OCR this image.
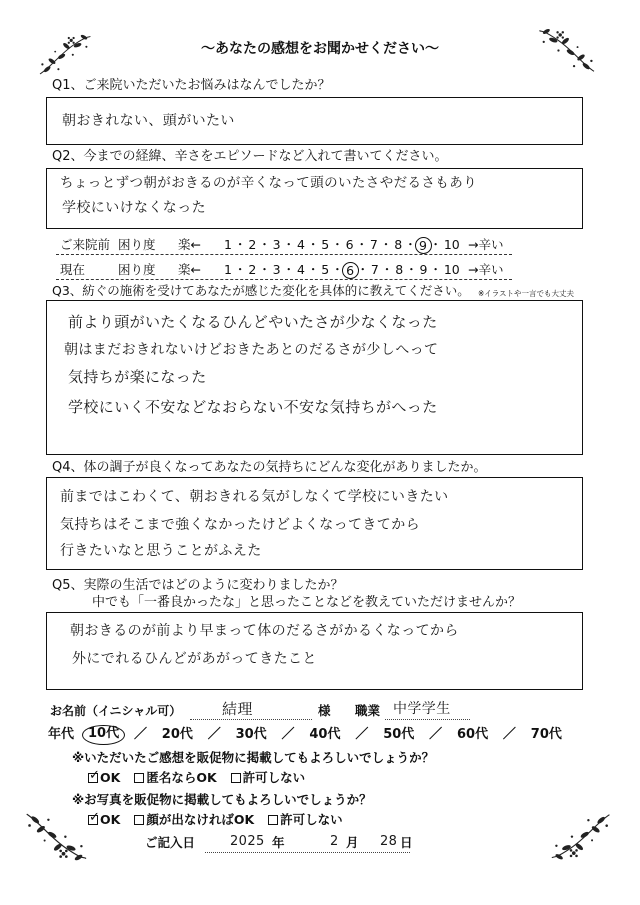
～あなたの感想をお聞かせください～
Q1、ご来院いただいたお悩みはなんでしたか？
朝おきれない、頭がいたい
Q2、今までの経緯、辛さをエピソードなど入れて書いてください。
ちょっとずつ朝がおきるのが辛くなって頭のいたさやだるさもあり
学校にいけなくなった
ご来院前 困り度	楽←	1 ・ 2 ・ 3 ・ 4 ・ 5 ・ 6 ・ 7 ・ 8 ・ 9 ・ 10 →辛い
現在	困り度	楽←	1 ・ 2 ・ 3 ・ 4 ・ 5 ・ 6 ・ 7 ・ 8 ・ 9 ・ 10 →辛い
Q3、紡ぐの施術を受けてあなたが感じた変化を具体的に教えてください。 ※イラストや一言でも大丈夫
前より頭がいたくなるひんどやいたさが少なくなった
朝はまだおきれないけどおきたあとのだるさが少しへって
気持ちが楽になった
学校にいく不安などなおらない不安な気持ちがへった
Q4、体の調子が良くなってあなたの気持ちにどんな変化がありましたか。
前まではこわくて、朝おきれる気がしなくて学校にいきたい
気持ちはそこまで強くなかったけどよくなってきてから
行きたいなと思うことがふえた
Q5、実際の生活ではどのように変わりましたか？
中でも「一番良かったな」と思ったことなどを教えていただけませんか？
朝おきるのが前より早まって体のだるさがかるくなってから
外にでれるひんどがあがってきたこと
お名前（イニシャル可）	結理	様 職業 中学学生
年代	10代	／ 20代 ／ 30代 ／ 40代 ／ 50代 ／ 60代 ／ 70代
※いただいたご感想を販促物に掲載してもよろしいでしょうか？
✓
OK 匿名ならOK 許可しない
※お写真を販促物に掲載してもよろしいでしょうか？
✓
OK 顔が出なければOK 許可しない
ご記入日	2025 年	2 月 28 日
